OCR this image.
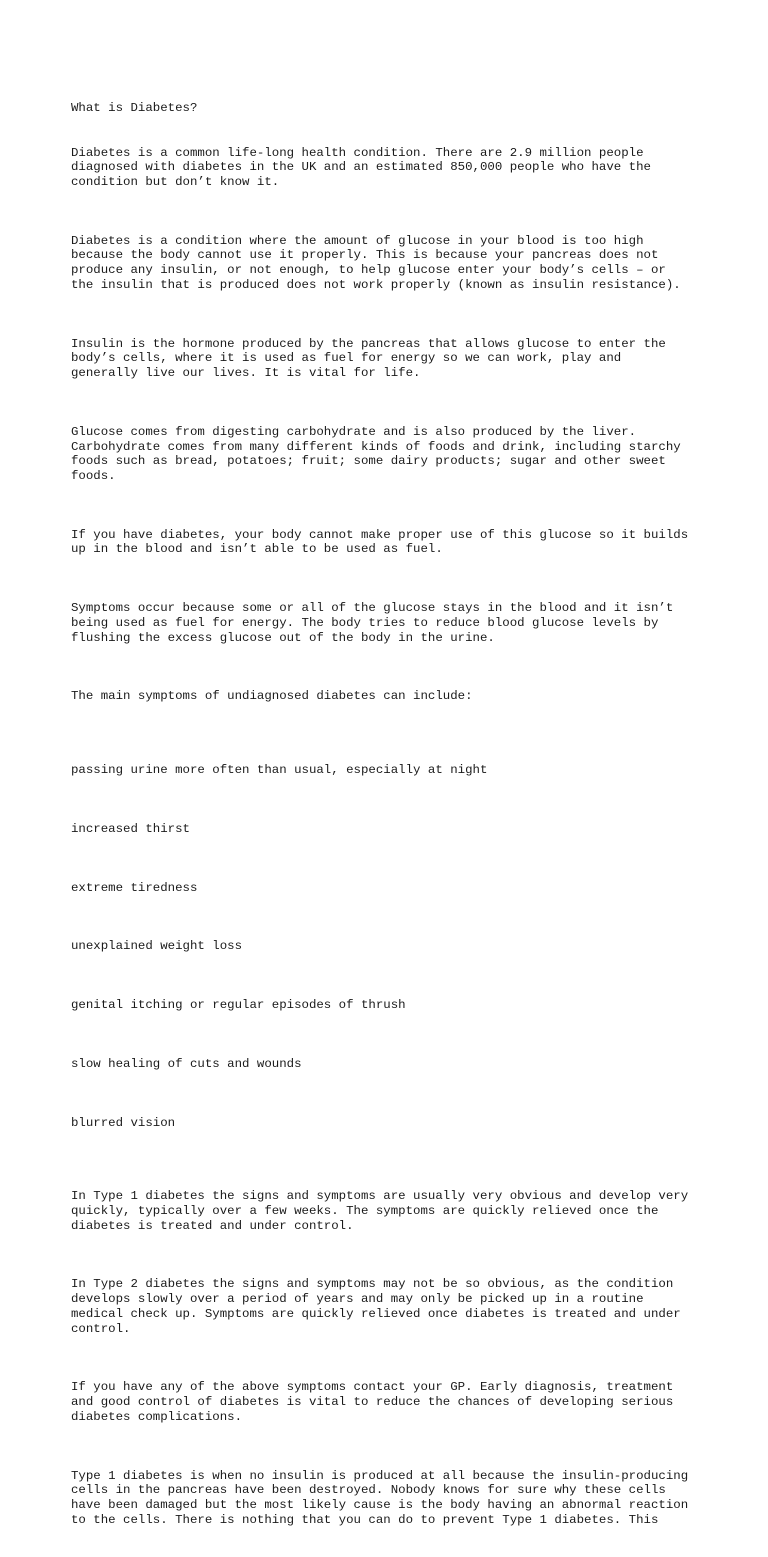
What is Diabetes?

Diabetes is a common life-long health condition. There are 2.9 million people
diagnosed with diabetes in the UK and an estimated 850,000 people who have the
condition but don’t know it.

Diabetes is a condition where the amount of glucose in your blood is too high
because the body cannot use it properly. This is because your pancreas does not
produce any insulin, or not enough, to help glucose enter your body’s cells – or
the insulin that is produced does not work properly (known as insulin resistance).

Insulin is the hormone produced by the pancreas that allows glucose to enter the
body’s cells, where it is used as fuel for energy so we can work, play and
generally live our lives. It is vital for life.

Glucose comes from digesting carbohydrate and is also produced by the liver.
Carbohydrate comes from many different kinds of foods and drink, including starchy
foods such as bread, potatoes; fruit; some dairy products; sugar and other sweet
foods.

If you have diabetes, your body cannot make proper use of this glucose so it builds
up in the blood and isn’t able to be used as fuel.

Symptoms occur because some or all of the glucose stays in the blood and it isn’t
being used as fuel for energy. The body tries to reduce blood glucose levels by
flushing the excess glucose out of the body in the urine.

The main symptoms of undiagnosed diabetes can include:

passing urine more often than usual, especially at night

increased thirst

extreme tiredness

unexplained weight loss

genital itching or regular episodes of thrush

slow healing of cuts and wounds

blurred vision

In Type 1 diabetes the signs and symptoms are usually very obvious and develop very
quickly, typically over a few weeks. The symptoms are quickly relieved once the
diabetes is treated and under control.

In Type 2 diabetes the signs and symptoms may not be so obvious, as the condition
develops slowly over a period of years and may only be picked up in a routine
medical check up. Symptoms are quickly relieved once diabetes is treated and under
control.

If you have any of the above symptoms contact your GP. Early diagnosis, treatment
and good control of diabetes is vital to reduce the chances of developing serious
diabetes complications.

Type 1 diabetes is when no insulin is produced at all because the insulin-producing
cells in the pancreas have been destroyed. Nobody knows for sure why these cells
have been damaged but the most likely cause is the body having an abnormal reaction
to the cells. There is nothing that you can do to prevent Type 1 diabetes. This
